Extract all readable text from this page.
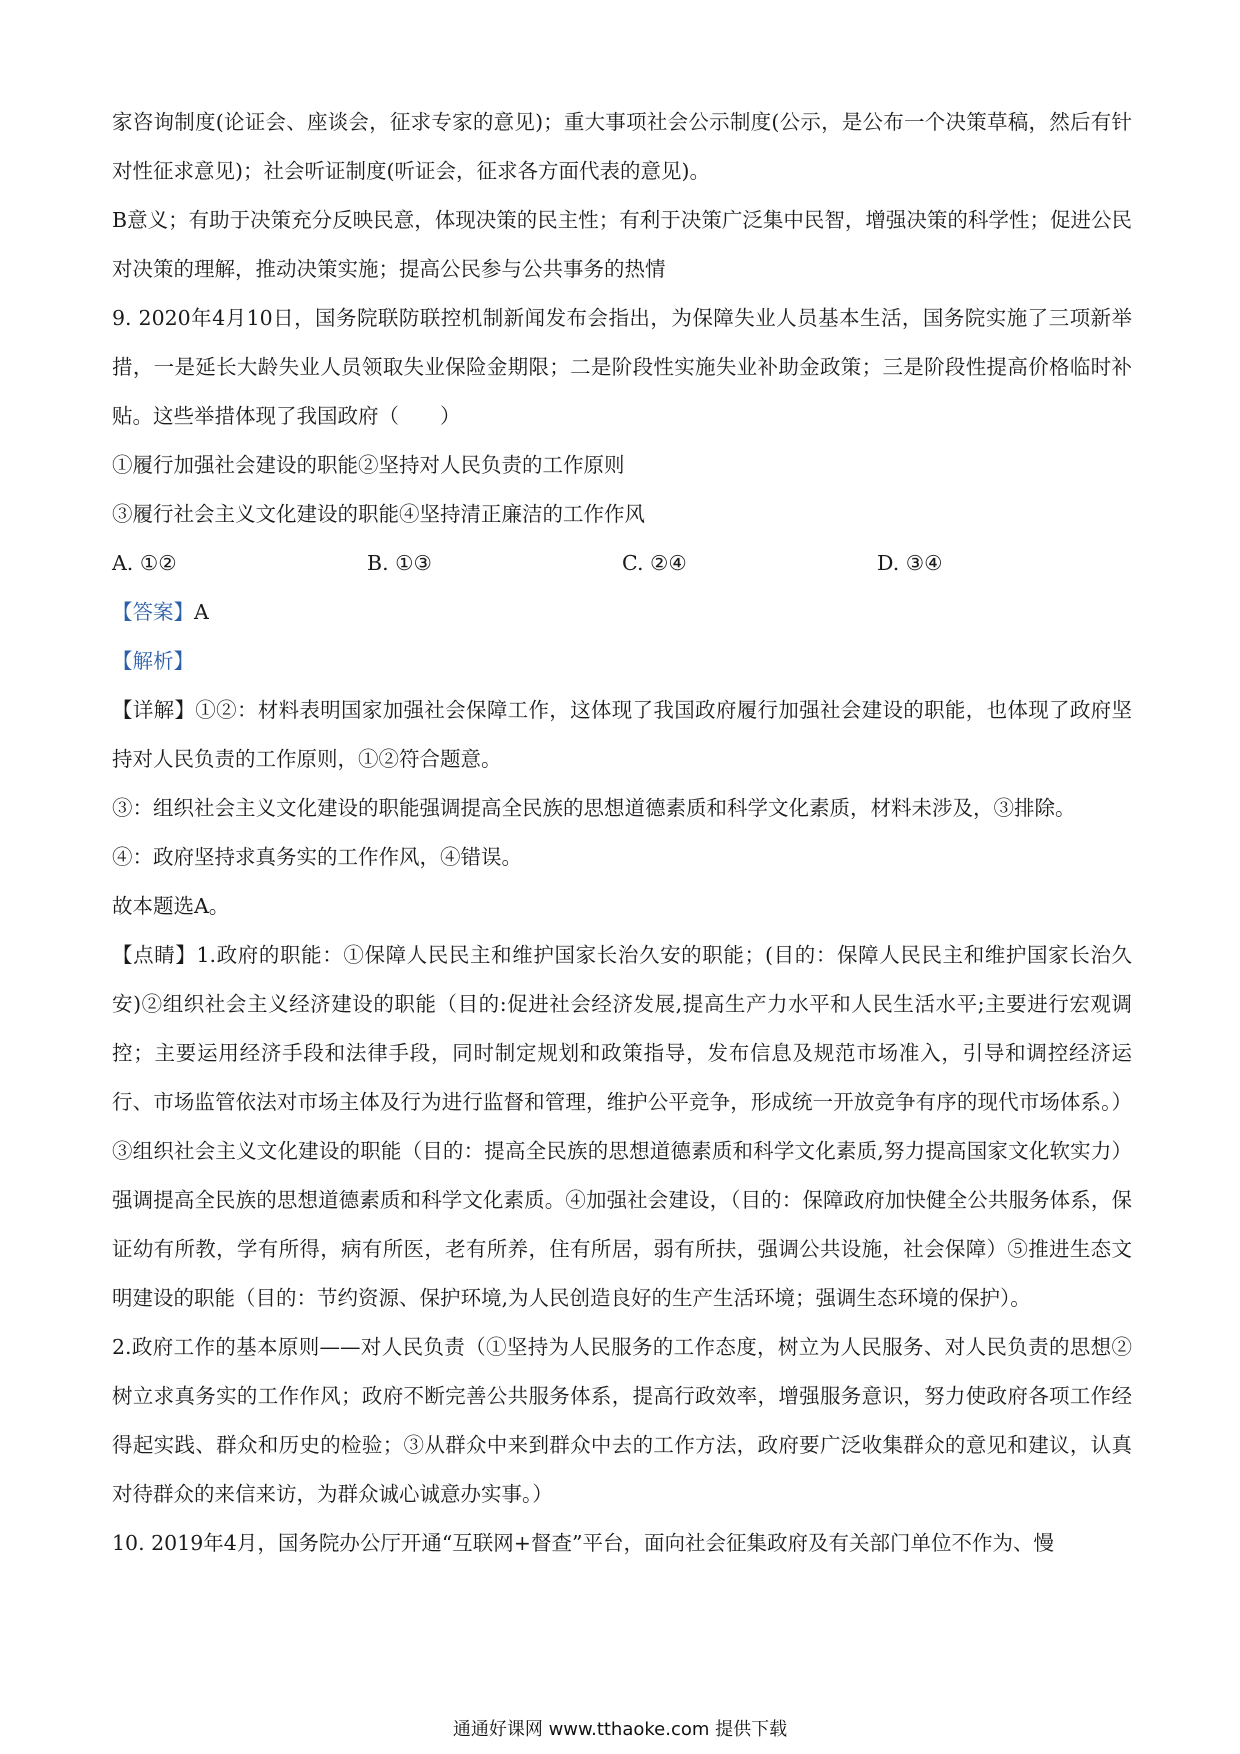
家咨询制度(论证会、座谈会，征求专家的意见)；重大事项社会公示制度(公示，是公布一个决策草稿，然后有针对性征求意见)；社会听证制度(听证会，征求各方面代表的意见)。

B意义；有助于决策充分反映民意，体现决策的民主性；有利于决策广泛集中民智，增强决策的科学性；促进公民对决策的理解，推动决策实施；提高公民参与公共事务的热情

9. 2020年4月10日，国务院联防联控机制新闻发布会指出，为保障失业人员基本生活，国务院实施了三项新举措，一是延长大龄失业人员领取失业保险金期限；二是阶段性实施失业补助金政策；三是阶段性提高价格临时补贴。这些举措体现了我国政府（　　）

①履行加强社会建设的职能②坚持对人民负责的工作原则

③履行社会主义文化建设的职能④坚持清正廉洁的工作作风

A. ①②	B. ①③	C. ②④	D. ③④

【答案】A

【解析】

【详解】①②：材料表明国家加强社会保障工作，这体现了我国政府履行加强社会建设的职能，也体现了政府坚持对人民负责的工作原则，①②符合题意。

③：组织社会主义文化建设的职能强调提高全民族的思想道德素质和科学文化素质，材料未涉及，③排除。

④：政府坚持求真务实的工作作风，④错误。

故本题选A。

【点睛】1.政府的职能：①保障人民民主和维护国家长治久安的职能；(目的：保障人民民主和维护国家长治久安)②组织社会主义经济建设的职能（目的:促进社会经济发展,提高生产力水平和人民生活水平;主要进行宏观调控；主要运用经济手段和法律手段，同时制定规划和政策指导，发布信息及规范市场准入，引导和调控经济运行、市场监管依法对市场主体及行为进行监督和管理，维护公平竞争，形成统一开放竞争有序的现代市场体系。）③组织社会主义文化建设的职能（目的：提高全民族的思想道德素质和科学文化素质,努力提高国家文化软实力）强调提高全民族的思想道德素质和科学文化素质。④加强社会建设，（目的：保障政府加快健全公共服务体系，保证幼有所教，学有所得，病有所医，老有所养，住有所居，弱有所扶，强调公共设施，社会保障）⑤推进生态文明建设的职能（目的：节约资源、保护环境,为人民创造良好的生产生活环境；强调生态环境的保护）。

2.政府工作的基本原则——对人民负责（①坚持为人民服务的工作态度，树立为人民服务、对人民负责的思想②树立求真务实的工作作风；政府不断完善公共服务体系，提高行政效率，增强服务意识，努力使政府各项工作经得起实践、群众和历史的检验；③从群众中来到群众中去的工作方法，政府要广泛收集群众的意见和建议，认真对待群众的来信来访，为群众诚心诚意办实事。）

10. 2019年4月，国务院办公厅开通“互联网+督查”平台，面向社会征集政府及有关部门单位不作为、慢

通通好课网 www.tthaoke.com 提供下载
